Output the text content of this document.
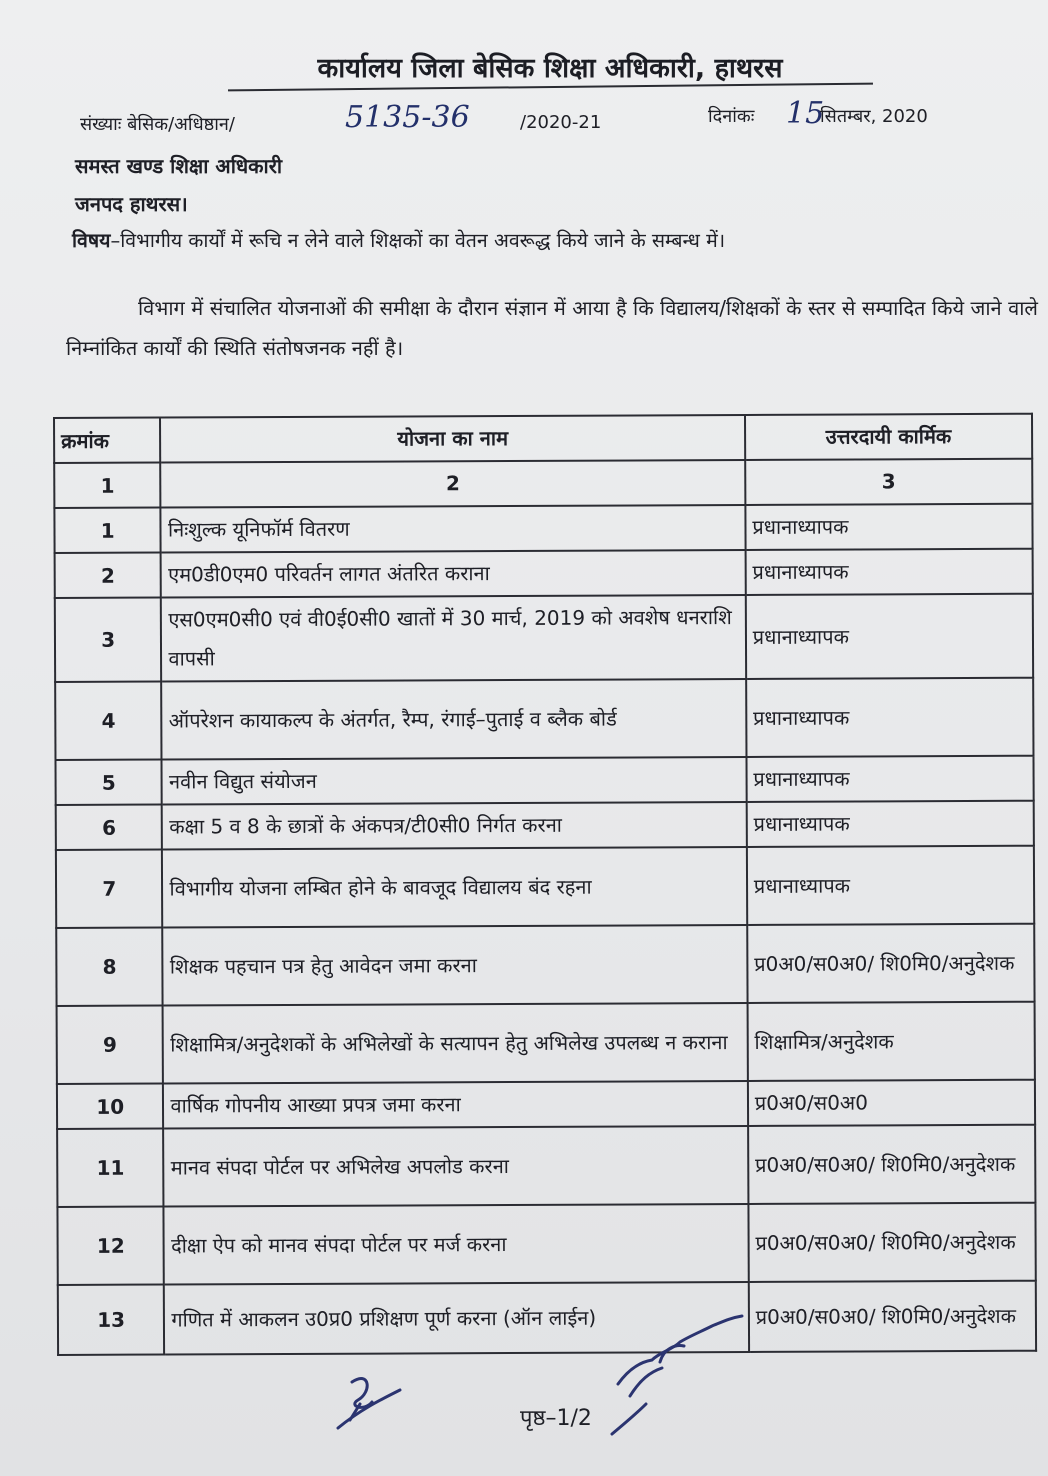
कार्यालय जिला बेसिक शिक्षा अधिकारी, हाथरस
संख्याः बेसिक/अधिष्ठान/	5135-36	/2020-21	दिनांकः 15
सितम्बर, 2020
समस्त खण्ड शिक्षा अधिकारी
जनपद हाथरस।
विषय–विभागीय कार्यों में रूचि न लेने वाले शिक्षकों का वेतन अवरूद्ध किये जाने के सम्बन्ध में।
विभाग में संचालित योजनाओं की समीक्षा के दौरान संज्ञान में आया है कि विद्यालय/शिक्षकों के स्तर से सम्पादित किये जाने वाले निम्नांकित कार्यों की स्थिति संतोषजनक नहीं है।
क्रमांक	योजना का नाम	उत्तरदायी कार्मिक
1	2	3
1	निःशुल्क यूनिफॉर्म वितरण	प्रधानाध्यापक
2	एम0डी0एम0 परिवर्तन लागत अंतरित कराना	प्रधानाध्यापक
3	एस0एम0सी0 एवं वी0ई0सी0 खातों में 30 मार्च, 2019 को अवशेष धनराशि वापसी	प्रधानाध्यापक
4	ऑपरेशन कायाकल्प के अंतर्गत, रैम्प, रंगाई–पुताई व ब्लैक बोर्ड	प्रधानाध्यापक
5	नवीन विद्युत संयोजन	प्रधानाध्यापक
6	कक्षा 5 व 8 के छात्रों के अंकपत्र/टी0सी0 निर्गत करना	प्रधानाध्यापक
7	विभागीय योजना लम्बित होने के बावजूद विद्यालय बंद रहना	प्रधानाध्यापक
8	शिक्षक पहचान पत्र हेतु आवेदन जमा करना	प्र0अ0/स0अ0/ शि0मि0/अनुदेशक
9	शिक्षामित्र/अनुदेशकों के अभिलेखों के सत्यापन हेतु अभिलेख उपलब्ध न कराना	शिक्षामित्र/अनुदेशक
10	वार्षिक गोपनीय आख्या प्रपत्र जमा करना	प्र0अ0/स0अ0
11	मानव संपदा पोर्टल पर अभिलेख अपलोड करना	प्र0अ0/स0अ0/ शि0मि0/अनुदेशक
12	दीक्षा ऐप को मानव संपदा पोर्टल पर मर्ज करना	प्र0अ0/स0अ0/ शि0मि0/अनुदेशक
13	गणित में आकलन उ0प्र0 प्रशिक्षण पूर्ण करना (ऑन लाईन)	प्र0अ0/स0अ0/ शि0मि0/अनुदेशक
पृष्ठ–1/2
